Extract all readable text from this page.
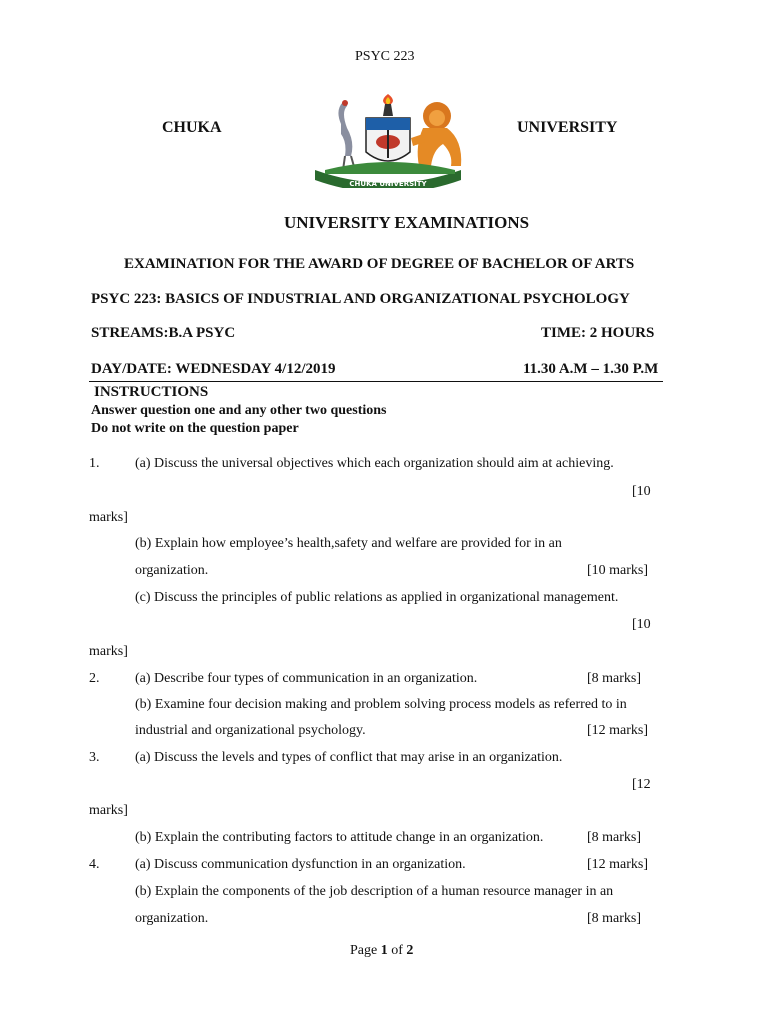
PSYC 223
CHUKA	UNIVERSITY
CHUKA UNIVERSITY
UNIVERSITY EXAMINATIONS
EXAMINATION FOR THE AWARD OF DEGREE OF BACHELOR OF ARTS
PSYC 223: BASICS OF INDUSTRIAL AND ORGANIZATIONAL PSYCHOLOGY
STREAMS:B.A PSYC	TIME: 2 HOURS
DAY/DATE: WEDNESDAY 4/12/2019	11.30 A.M – 1.30 P.M
INSTRUCTIONS
Answer question one and any other two questions
Do not write on the question paper
1.	(a) Discuss the universal objectives which each organization should aim at achieving.
[10
marks]
(b) Explain how employee’s health,safety and welfare are provided for in an
organization.	[10 marks]
(c) Discuss the principles of public relations as applied in organizational management.
[10
marks]
2.	(a) Describe four types of communication in an organization.	[8 marks]
(b) Examine four decision making and problem solving process models as referred to in
industrial and organizational psychology.	[12 marks]
3.	(a) Discuss the levels and types of conflict that may arise in an organization.
[12
marks]
(b) Explain the contributing factors to attitude change in an organization.	[8 marks]
4.	(a) Discuss communication dysfunction in an organization.	[12 marks]
(b) Explain the components of the job description of a human resource manager in an
organization.	[8 marks]
Page 1 of 2
